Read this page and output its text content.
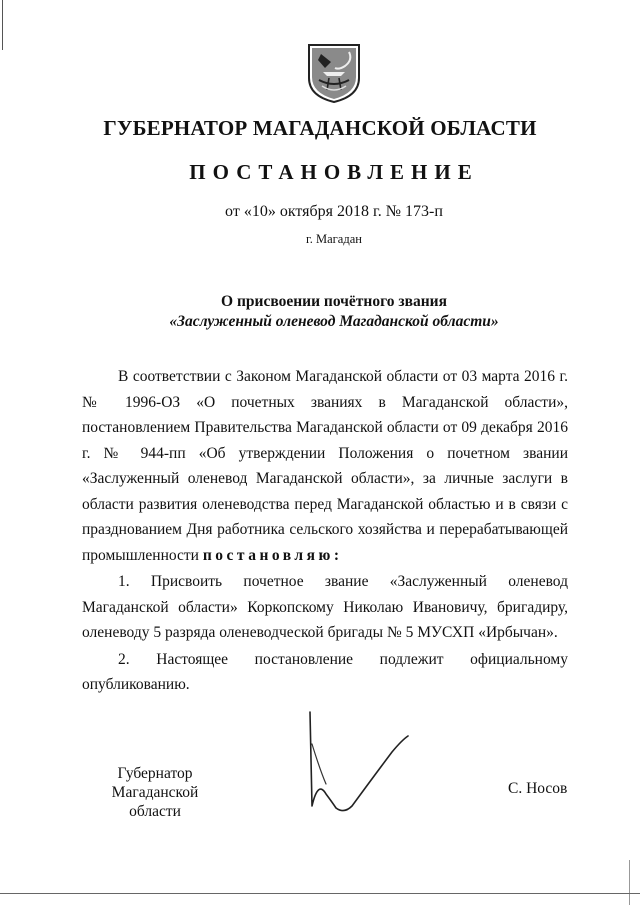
ГУБЕРНАТОР МАГАДАНСКОЙ ОБЛАСТИ
ПОСТАНОВЛЕНИЕ
от «10» октября 2018 г. № 173-п
г. Магадан
О присвоении почётного звания
«Заслуженный оленевод Магаданской области»

В соответствии с Законом Магаданской области от 03 марта 2016 г. № 1996-ОЗ «О почетных званиях в Магаданской области», постановлением Правительства Магаданской области от 09 декабря 2016 г. № 944-пп «Об утверждении Положения о почетном звании «Заслуженный оленевод Магаданской области», за личные заслуги в области развития оленеводства перед Магаданской областью и в связи с празднованием Дня работника сельского хозяйства и перерабатывающей промышленности постановляю:

1. Присвоить почетное звание «Заслуженный оленевод Магаданской области» Коркопскому Николаю Ивановичу, бригадиру, оленеводу 5 разряда оленеводческой бригады № 5 МУСХП «Ирбычан».

2. Настоящее постановление подлежит официальному опубликованию.

Губернатор
Магаданской области
С. Носов
